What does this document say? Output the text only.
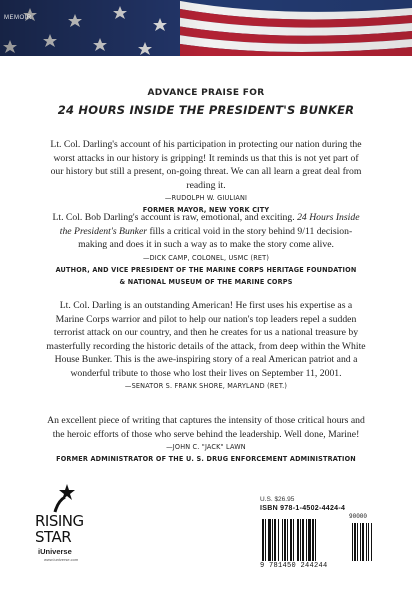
MEMOIR
ADVANCE PRAISE FOR
24 HOURS INSIDE THE PRESIDENT'S BUNKER
Lt. Col. Darling's account of his participation in protecting our nation during the worst attacks in our history is gripping! It reminds us that this is not yet part of our history but still a present, on-going threat. We can all learn a great deal from reading it.
—RUDOLPH W. GIULIANI
FORMER MAYOR, NEW YORK CITY
Lt. Col. Bob Darling's account is raw, emotional, and exciting. 24 Hours Inside the President's Bunker fills a critical void in the story behind 9/11 decision-making and does it in such a way as to make the story come alive.
—DICK CAMP, COLONEL, USMC (RET)
AUTHOR, AND VICE PRESIDENT OF THE MARINE CORPS HERITAGE FOUNDATION
& NATIONAL MUSEUM OF THE MARINE CORPS
Lt. Col. Darling is an outstanding American! He first uses his expertise as a Marine Corps warrior and pilot to help our nation's top leaders repel a sudden terrorist attack on our country, and then he creates for us a national treasure by masterfully recording the historic details of the attack, from deep within the White House Bunker. This is the awe-inspiring story of a real American patriot and a wonderful tribute to those who lost their lives on September 11, 2001.
—SENATOR S. FRANK SHORE, MARYLAND (RET.)
An excellent piece of writing that captures the intensity of those critical hours and the heroic efforts of those who serve behind the leadership. Well done, Marine!
—JOHN C. "JACK" LAWN
FORMER ADMINISTRATOR OF THE U. S. DRUG ENFORCEMENT ADMINISTRATION
RISING
STAR
iUniverse
www.iuniverse.com
U.S. $26.95
ISBN 978-1-4502-4424-4
90000
9 781450 244244
